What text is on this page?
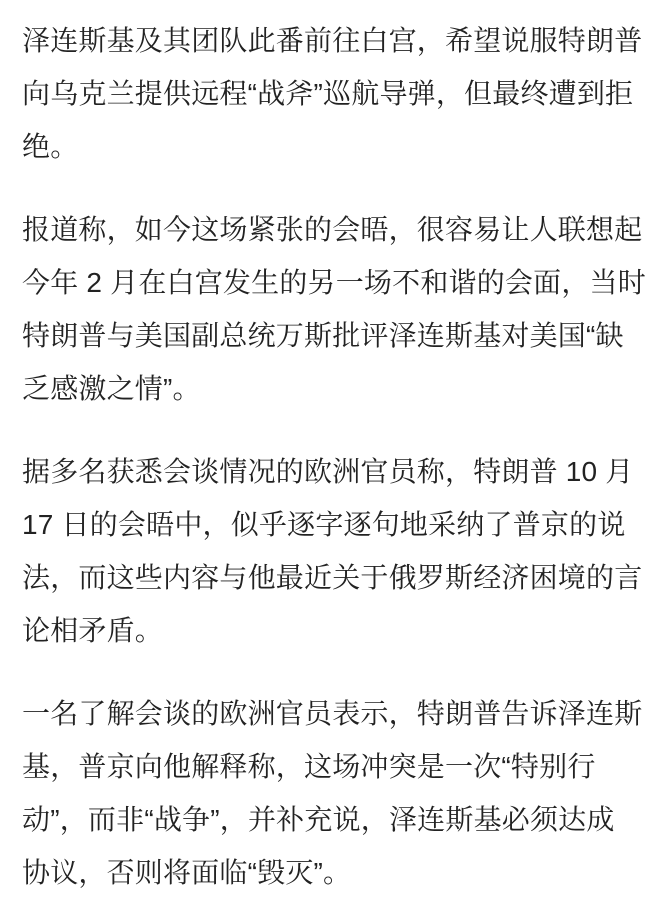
泽连斯基及其团队此番前往白宫，希望说服特朗普
向乌克兰提供远程“战斧”巡航导弹，但最终遭到拒
绝。

报道称，如今这场紧张的会晤，很容易让人联想起
今年 2 月在白宫发生的另一场不和谐的会面，当时
特朗普与美国副总统万斯批评泽连斯基对美国“缺
乏感激之情”。

据多名获悉会谈情况的欧洲官员称，特朗普 10 月
17 日的会晤中，似乎逐字逐句地采纳了普京的说
法，而这些内容与他最近关于俄罗斯经济困境的言
论相矛盾。

一名了解会谈的欧洲官员表示，特朗普告诉泽连斯
基，普京向他解释称，这场冲突是一次“特别行
动”，而非“战争”，并补充说，泽连斯基必须达成
协议，否则将面临“毁灭”。
